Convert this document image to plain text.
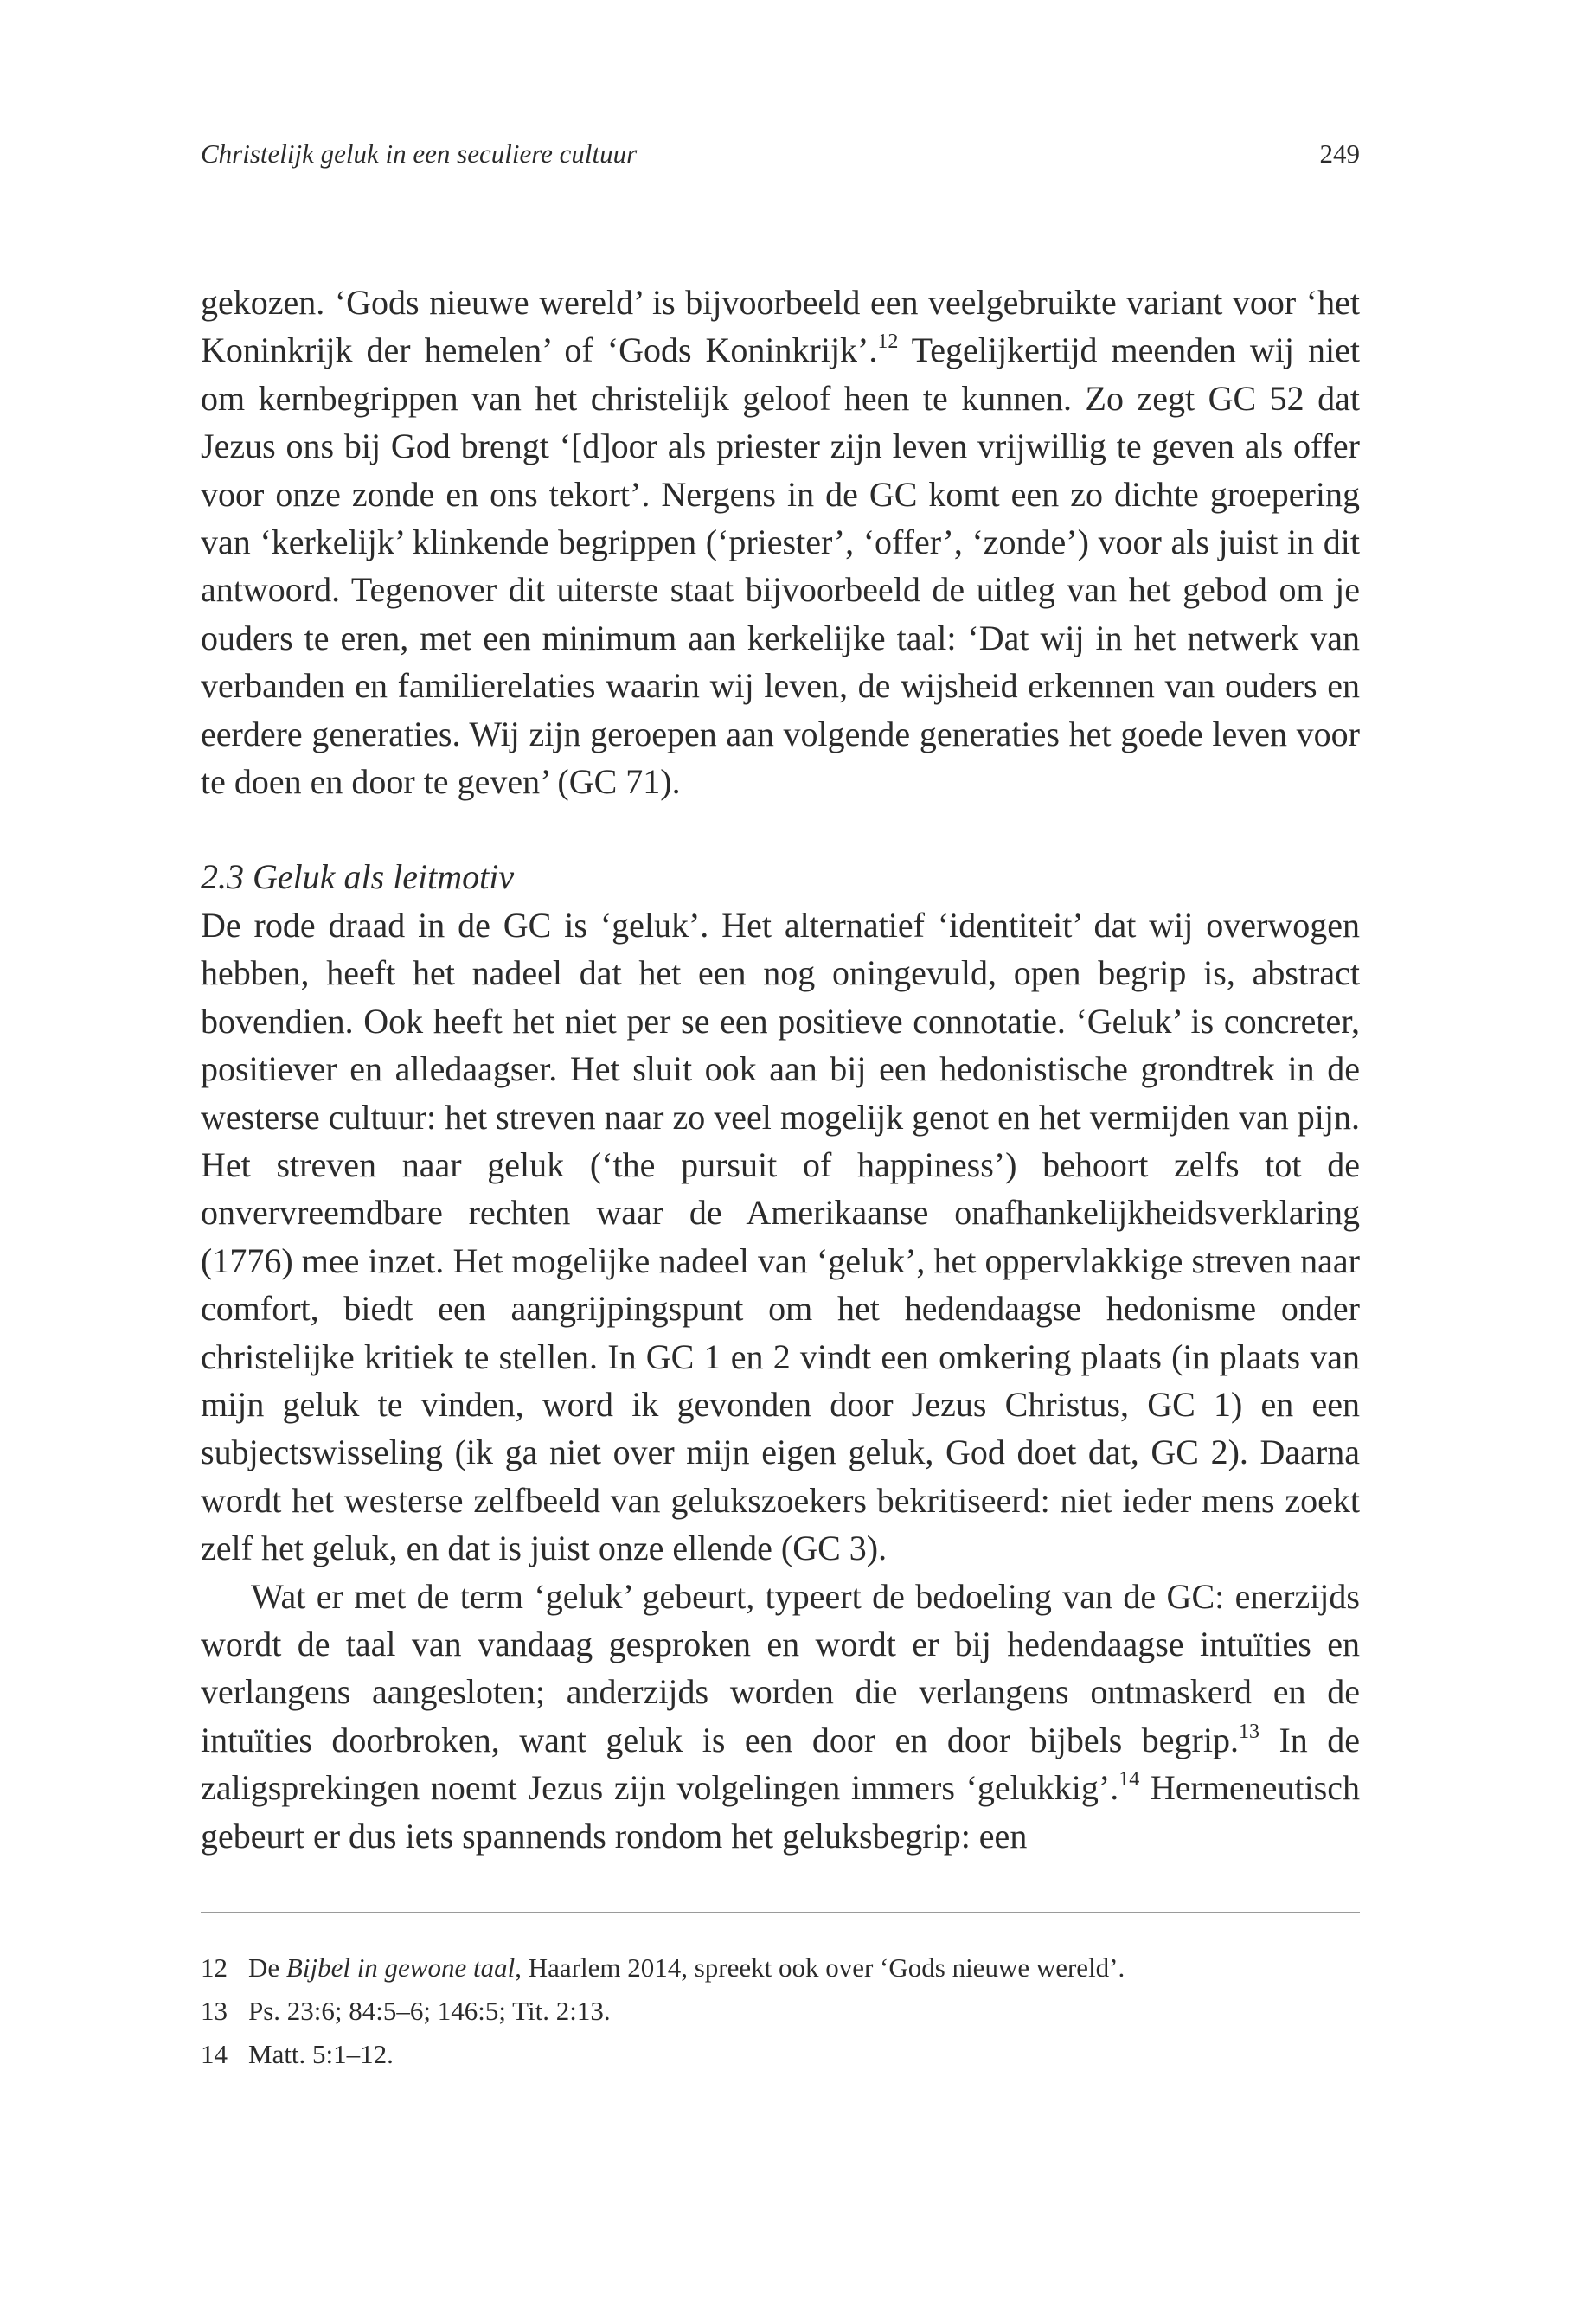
Christelijk geluk in een seculiere cultuur	249

gekozen. ‘Gods nieuwe wereld’ is bijvoorbeeld een veelgebruikte variant voor ‘het Koninkrijk der hemelen’ of ‘Gods Koninkrijk’.$^{12}$ Tegelijkertijd meenden wij niet om kernbegrippen van het christelijk geloof heen te kunnen. Zo zegt GC 52 dat Jezus ons bij God brengt ‘[d]oor als priester zijn leven vrijwillig te geven als offer voor onze zonde en ons tekort’. Nergens in de GC komt een zo dichte groepering van ‘kerkelijk’ klinkende begrippen (‘priester’, ‘offer’, ‘zonde’) voor als juist in dit antwoord. Tegenover dit uiterste staat bijvoorbeeld de uitleg van het gebod om je ouders te eren, met een minimum aan kerkelijke taal: ‘Dat wij in het netwerk van verbanden en familierelaties waarin wij leven, de wijsheid erkennen van ouders en eerdere generaties. Wij zijn geroepen aan volgende generaties het goede leven voor te doen en door te geven’ (GC 71).

2.3 Geluk als leitmotiv

De rode draad in de GC is ‘geluk’. Het alternatief ‘identiteit’ dat wij overwogen hebben, heeft het nadeel dat het een nog oningevuld, open begrip is, abstract bovendien. Ook heeft het niet per se een positieve connotatie. ‘Geluk’ is concreter, positiever en alledaagser. Het sluit ook aan bij een hedonistische grondtrek in de westerse cultuur: het streven naar zo veel mogelijk genot en het vermijden van pijn. Het streven naar geluk (‘the pursuit of happiness’) behoort zelfs tot de onvervreemdbare rechten waar de Amerikaanse onafhankelijkheidsverklaring (1776) mee inzet. Het mogelijke nadeel van ‘geluk’, het oppervlakkige streven naar comfort, biedt een aangrijpingspunt om het hedendaagse hedonisme onder christelijke kritiek te stellen. In GC 1 en 2 vindt een omkering plaats (in plaats van mijn geluk te vinden, word ik gevonden door Jezus Christus, GC 1) en een subjectswisseling (ik ga niet over mijn eigen geluk, God doet dat, GC 2). Daarna wordt het westerse zelfbeeld van gelukszoekers bekritiseerd: niet ieder mens zoekt zelf het geluk, en dat is juist onze ellende (GC 3).

Wat er met de term ‘geluk’ gebeurt, typeert de bedoeling van de GC: enerzijds wordt de taal van vandaag gesproken en wordt er bij hedendaagse intuïties en verlangens aangesloten; anderzijds worden die verlangens ontmaskerd en de intuïties doorbroken, want geluk is een door en door bijbels begrip.$^{13}$ In de zaligsprekingen noemt Jezus zijn volgelingen immers ‘gelukkig’.$^{14}$ Hermeneutisch gebeurt er dus iets spannends rondom het geluksbegrip: een

12 De Bijbel in gewone taal, Haarlem 2014, spreekt ook over ‘Gods nieuwe wereld’.
13 Ps. 23:6; 84:5–6; 146:5; Tit. 2:13.
14 Matt. 5:1–12.
